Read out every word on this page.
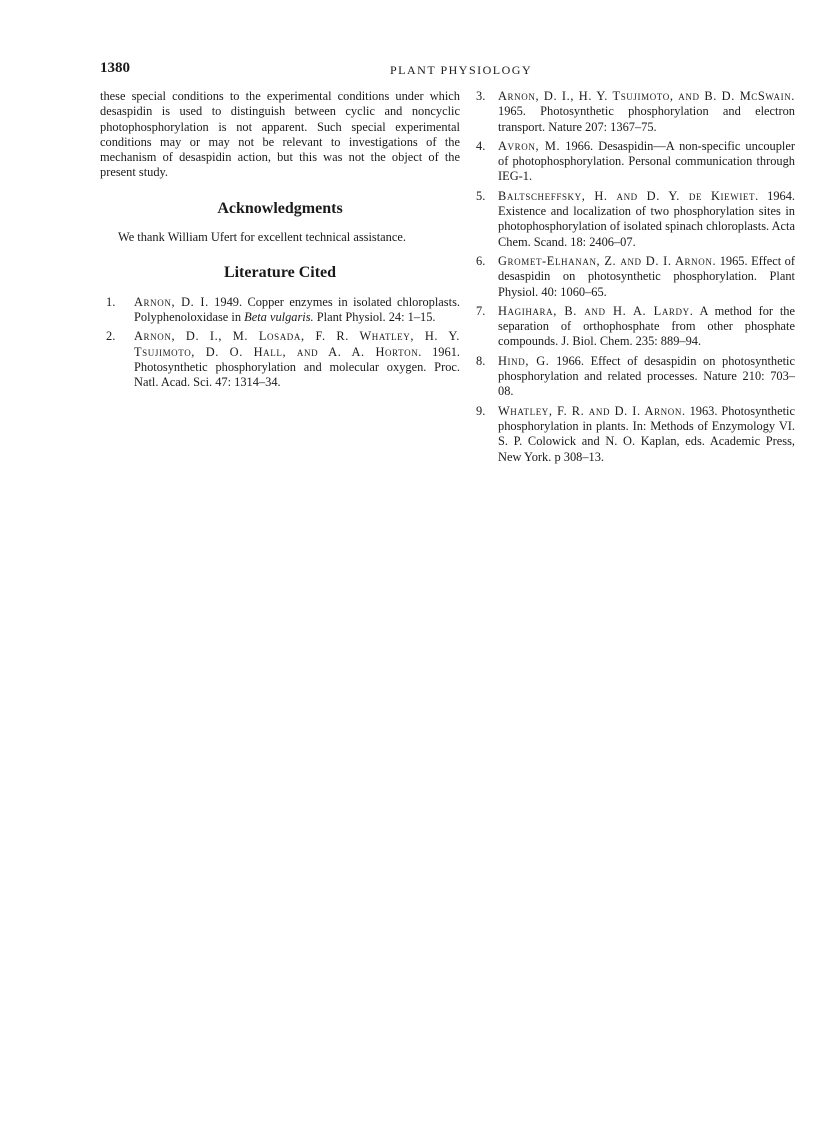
1380	PLANT PHYSIOLOGY

these special conditions to the experimental conditions under which desaspidin is used to distinguish between cyclic and noncyclic photophosphorylation is not apparent. Such special experimental conditions may or may not be relevant to investigations of the mechanism of desaspidin action, but this was not the object of the present study.

Acknowledgments

We thank William Ufert for excellent technical assistance.

Literature Cited
1. Arnon, D. I. 1949. Copper enzymes in isolated chloroplasts. Polyphenoloxidase in Beta vulgaris. Plant Physiol. 24: 1–15.
2. Arnon, D. I., M. Losada, F. R. Whatley, H. Y. Tsujimoto, D. O. Hall, and A. A. Horton. 1961. Photosynthetic phosphorylation and molecular oxygen. Proc. Natl. Acad. Sci. 47: 1314–34.
3. Arnon, D. I., H. Y. Tsujimoto, and B. D. McSwain. 1965. Photosynthetic phosphorylation and electron transport. Nature 207: 1367–75.
4. Avron, M. 1966. Desaspidin—A non-specific uncoupler of photophosphorylation. Personal communication through IEG-1.
5. Baltscheffsky, H. and D. Y. de Kiewiet. 1964. Existence and localization of two phosphorylation sites in photophosphorylation of isolated spinach chloroplasts. Acta Chem. Scand. 18: 2406–07.
6. Gromet-Elhanan, Z. and D. I. Arnon. 1965. Effect of desaspidin on photosynthetic phosphorylation. Plant Physiol. 40: 1060–65.
7. Hagihara, B. and H. A. Lardy. A method for the separation of orthophosphate from other phosphate compounds. J. Biol. Chem. 235: 889–94.
8. Hind, G. 1966. Effect of desaspidin on photosynthetic phosphorylation and related processes. Nature 210: 703–08.
9. Whatley, F. R. and D. I. Arnon. 1963. Photosynthetic phosphorylation in plants. In: Methods of Enzymology VI. S. P. Colowick and N. O. Kaplan, eds. Academic Press, New York. p 308–13.
